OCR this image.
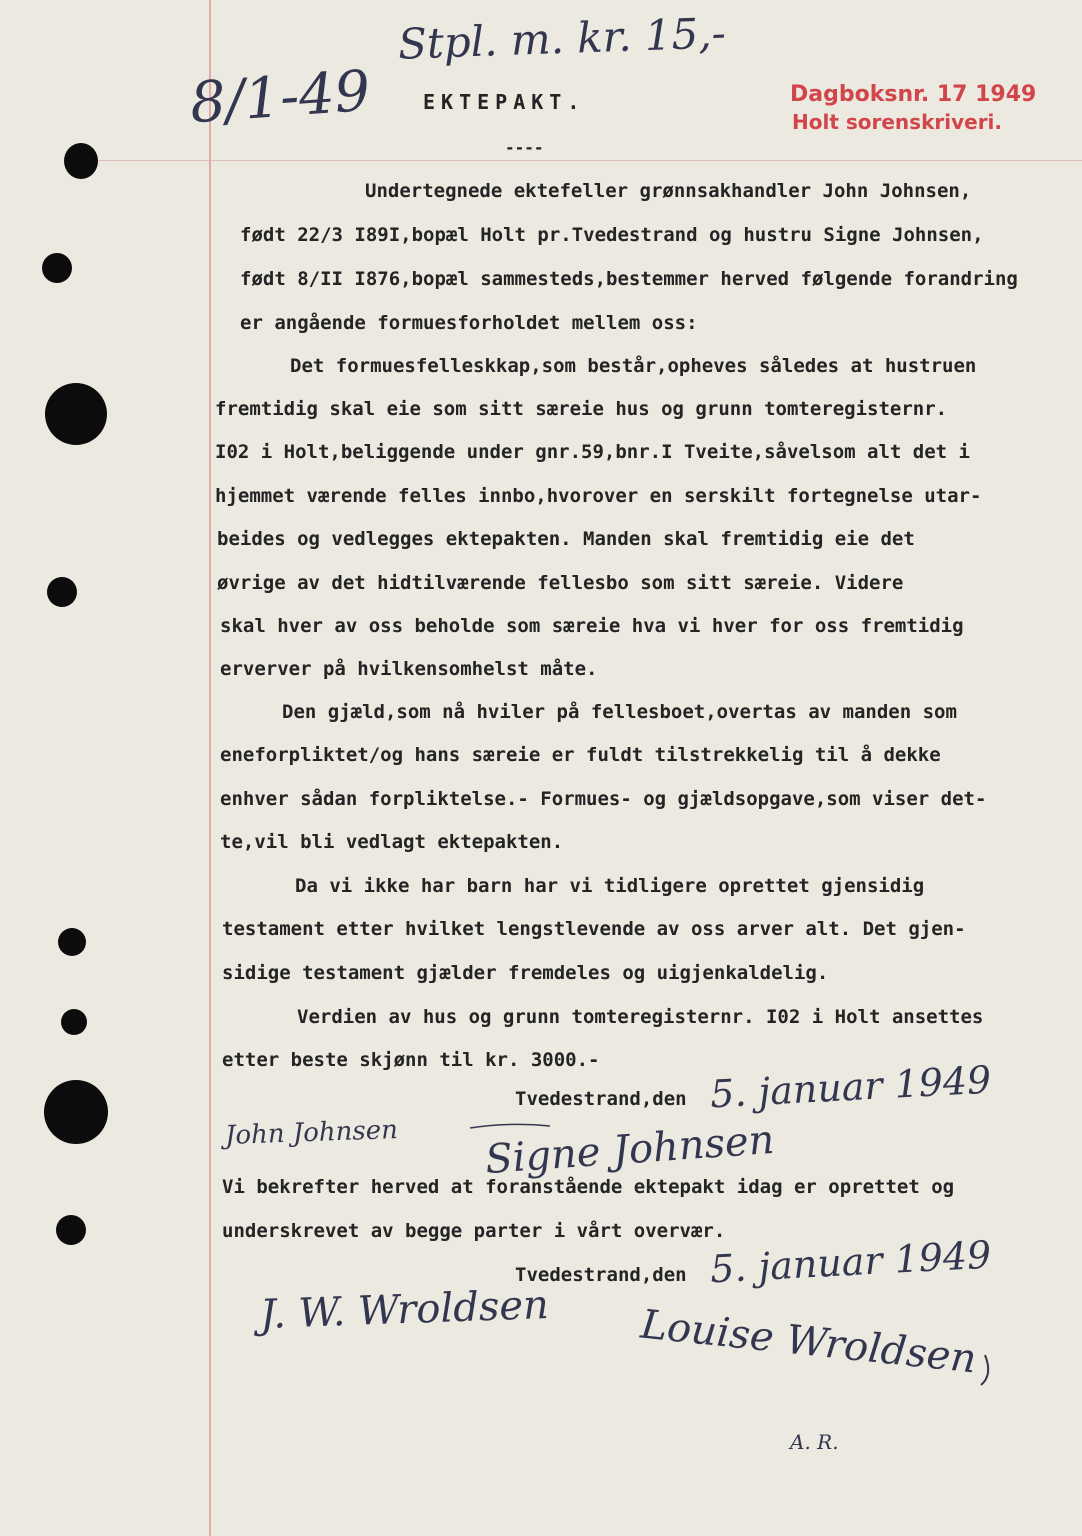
8/1-49

Stpl. m. kr. 15,-

EKTEPAKT.

----

Dagboksnr. 17 1949

Holt sorenskriveri.

Undertegnede ektefeller grønnsakhandler John Johnsen,

født 22/3 I89I,bopæl Holt pr.Tvedestrand og hustru Signe Johnsen,

født 8/II I876,bopæl sammesteds,bestemmer herved følgende forandring

er angående formuesforholdet mellem oss:

Det formuesfelleskkap,som består,opheves således at hustruen

fremtidig skal eie som sitt særeie hus og grunn tomteregisternr.

I02 i Holt,beliggende under gnr.59,bnr.I Tveite,såvelsom alt det i

hjemmet værende felles innbo,hvorover en serskilt fortegnelse utar-

beides og vedlegges ektepakten. Manden skal fremtidig eie det

øvrige av det hidtilværende fellesbo som sitt særeie. Videre

skal hver av oss beholde som særeie hva vi hver for oss fremtidig

erverver på hvilkensomhelst måte.

Den gjæld,som nå hviler på fellesboet,overtas av manden som

eneforpliktet/og hans særeie er fuldt tilstrekkelig til å dekke

enhver sådan forpliktelse.- Formues- og gjældsopgave,som viser det-

te,vil bli vedlagt ektepakten.

Da vi ikke har barn har vi tidligere oprettet gjensidig

testament etter hvilket lengstlevende av oss arver alt. Det gjen-

sidige testament gjælder fremdeles og uigjenkaldelig.

Verdien av hus og grunn tomteregisternr. I02 i Holt ansettes

etter beste skjønn til kr. 3000.-

Tvedestrand,den 5. januar 1949

John Johnsen Signe Johnsen

Vi bekrefter herved at foranstående ektepakt idag er oprettet og

underskrevet av begge parter i vårt overvær.

Tvedestrand,den 5. januar 1949

J. W. Wroldsen Louise Wroldsen

A. R.
